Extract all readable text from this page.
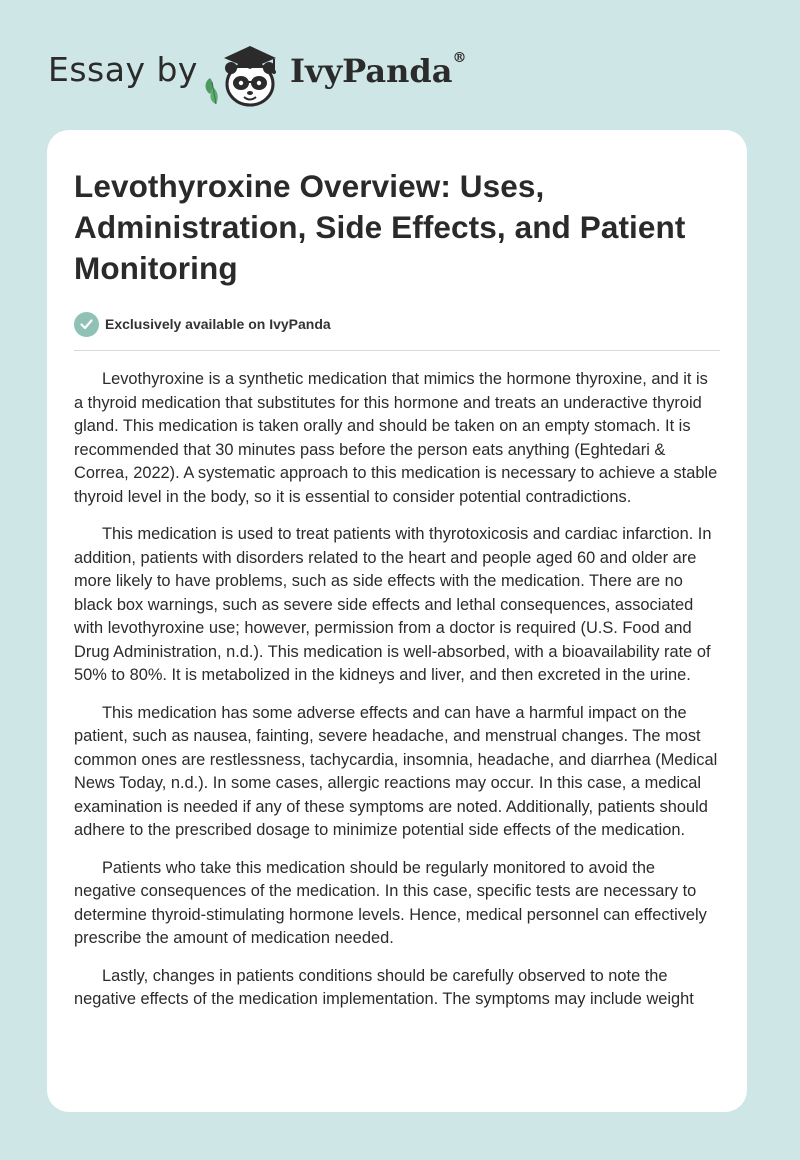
Essay by	IvyPanda®
Levothyroxine Overview: Uses, Administration, Side Effects, and Patient Monitoring
Exclusively available on IvyPanda

Levothyroxine is a synthetic medication that mimics the hormone thyroxine, and it is a thyroid medication that substitutes for this hormone and treats an underactive thyroid gland. This medication is taken orally and should be taken on an empty stomach. It is recommended that 30 minutes pass before the person eats anything (Eghtedari & Correa, 2022). A systematic approach to this medication is necessary to achieve a stable thyroid level in the body, so it is essential to consider potential contradictions.

This medication is used to treat patients with thyrotoxicosis and cardiac infarction. In addition, patients with disorders related to the heart and people aged 60 and older are more likely to have problems, such as side effects with the medication. There are no black box warnings, such as severe side effects and lethal consequences, associated with levothyroxine use; however, permission from a doctor is required (U.S. Food and Drug Administration, n.d.). This medication is well-absorbed, with a bioavailability rate of 50% to 80%. It is metabolized in the kidneys and liver, and then excreted in the urine.

This medication has some adverse effects and can have a harmful impact on the patient, such as nausea, fainting, severe headache, and menstrual changes. The most common ones are restlessness, tachycardia, insomnia, headache, and diarrhea (Medical News Today, n.d.). In some cases, allergic reactions may occur. In this case, a medical examination is needed if any of these symptoms are noted. Additionally, patients should adhere to the prescribed dosage to minimize potential side effects of the medication.

Patients who take this medication should be regularly monitored to avoid the negative consequences of the medication. In this case, specific tests are necessary to determine thyroid-stimulating hormone levels. Hence, medical personnel can effectively prescribe the amount of medication needed.

Lastly, changes in patients conditions should be carefully observed to note the negative effects of the medication implementation. The symptoms may include weight
